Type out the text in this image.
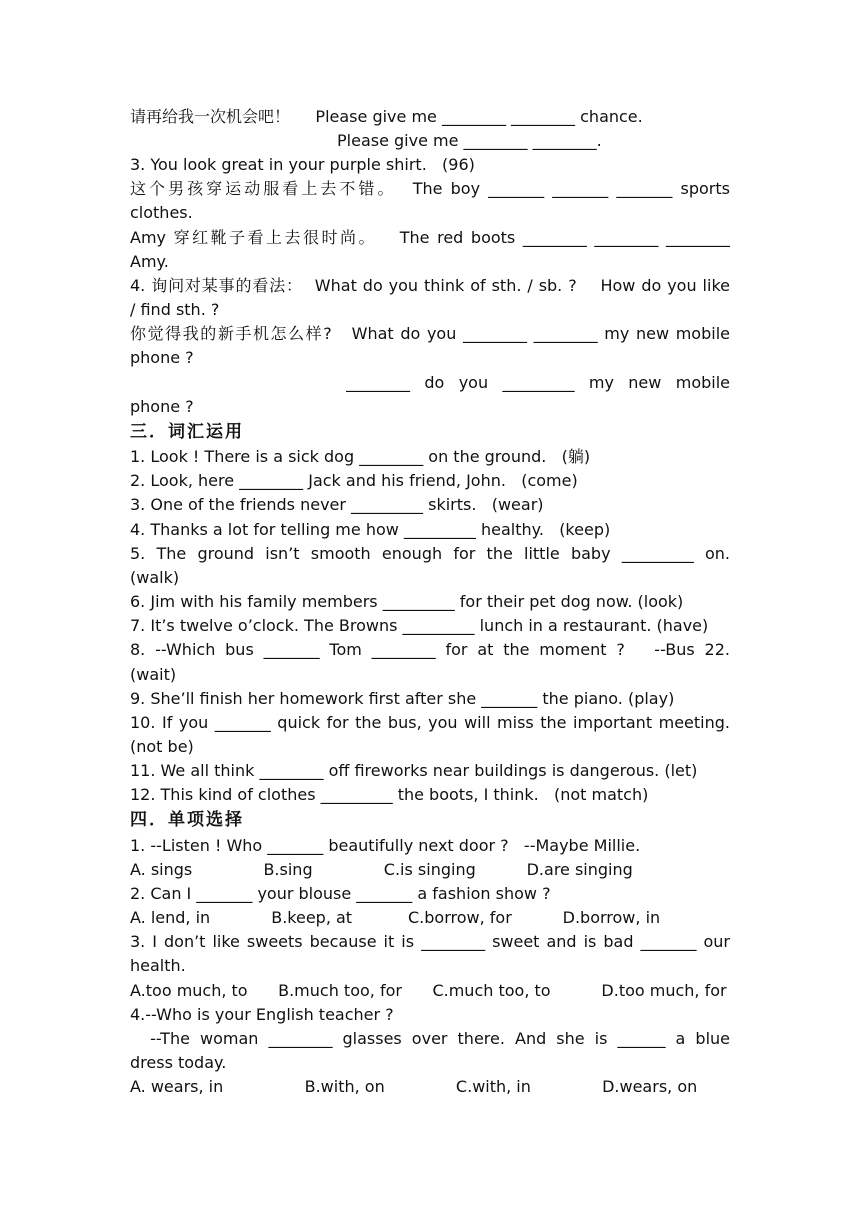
请再给我一次机会吧！     Please give me ________ ________ chance.
Please give me ________ ________.
3. You look great in your purple shirt.   (96)
这个男孩穿运动服看上去不错。  The boy _______ _______ _______ sports
clothes.
Amy 穿红靴子看上去很时尚。   The red boots ________ ________ ________
Amy.
4. 询问对某事的看法：  What do you think of sth. / sb. ?    How do you like
/ find sth. ?
你觉得我的新手机怎么样?   What do you ________ ________ my new mobile
phone ?
________  do  you  _________  my  new  mobile
phone ?
三．词汇运用
1. Look ! There is a sick dog ________ on the ground.   (躺)
2. Look, here ________ Jack and his friend, John.   (come)
3. One of the friends never _________ skirts.   (wear)
4. Thanks a lot for telling me how _________ healthy.   (keep)
5. The ground isn’t smooth enough for the little baby _________ on.
(walk)
6. Jim with his family members _________ for their pet dog now. (look)
7. It’s twelve o’clock. The Browns _________ lunch in a restaurant. (have)
8. --Which bus _______ Tom ________ for at the moment ?   --Bus 22.
(wait)
9. She’ll finish her homework first after she _______ the piano. (play)
10. If you _______ quick for the bus, you will miss the important meeting.
(not be)
11. We all think ________ off fireworks near buildings is dangerous. (let)
12. This kind of clothes _________ the boots, I think.   (not match)
四．单项选择
1. --Listen ! Who _______ beautifully next door ?   --Maybe Millie.
A. sings              B.sing              C.is singing          D.are singing
2. Can I _______ your blouse _______ a fashion show ?
A. lend, in            B.keep, at           C.borrow, for          D.borrow, in
3. I don’t like sweets because it is ________ sweet and is bad _______ our
health.
A.too much, to      B.much too, for      C.much too, to          D.too much, for
4.--Who is your English teacher ?
--The woman ________ glasses over there. And she is ______ a blue
dress today.
A. wears, in                B.with, on              C.with, in              D.wears, on
